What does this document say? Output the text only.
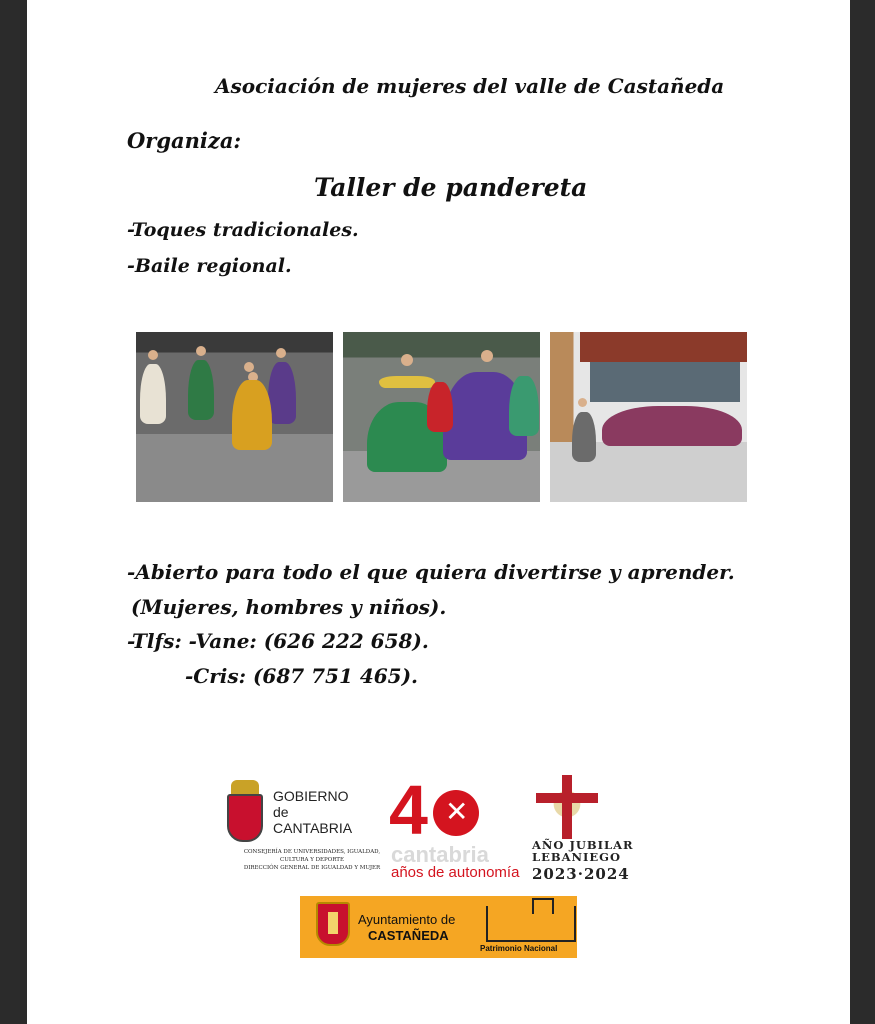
Asociación de mujeres del valle de Castañeda
Organiza:
Taller de pandereta
-Toques tradicionales.
-Baile regional.
-Abierto para todo el que quiera divertirse y aprender.
(Mujeres, hombres y niños).
-Tlfs: -Vane: (626 222 658).
-Cris: (687 751 465).
GOBIERNO
de
CANTABRIA
CONSEJERÍA DE UNIVERSIDADES, IGUALDAD,
CULTURA Y DEPORTE
DIRECCIÓN GENERAL DE IGUALDAD Y MUJER
4 ✕
cantabria
años de autonomía
AÑO JUBILAR
LEBANIEGO
2023·2024
Ayuntamiento de
CASTAÑEDA
Patrimonio Nacional
